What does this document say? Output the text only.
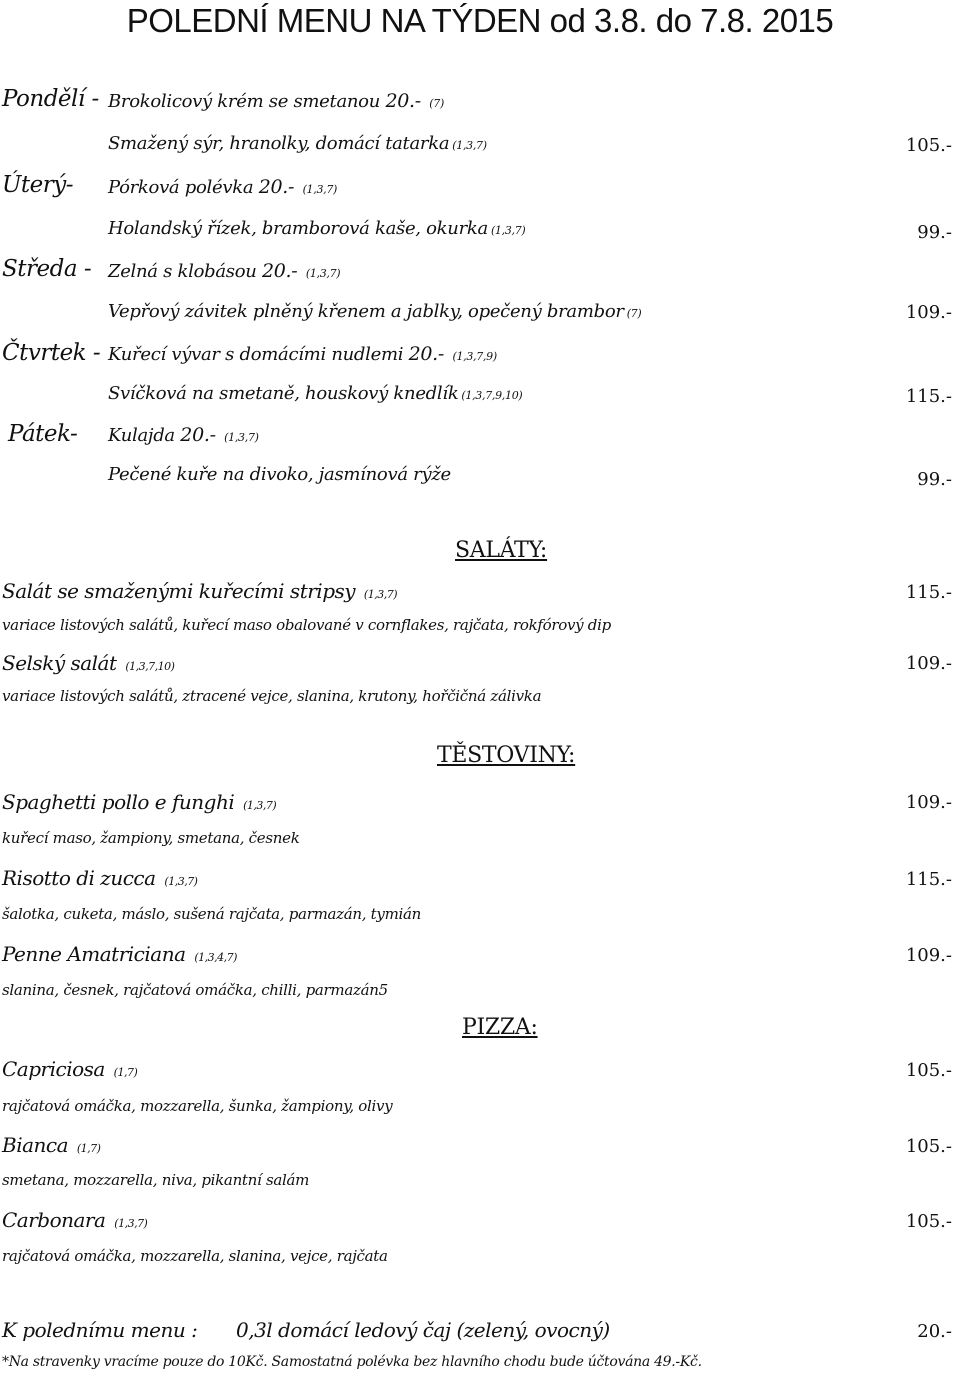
POLEDNÍ MENU NA TÝDEN od 3.8. do 7.8. 2015
Pondělí - Brokolicový krém se smetanou 20.- (7)
Smažený sýr, hranolky, domácí tatarka (1,3,7)	105.-
Úterý- Pórková polévka 20.- (1,3,7)
Holandský řízek, bramborová kaše, okurka (1,3,7)	99.-
Středa - Zelná s klobásou 20.- (1,3,7)
Vepřový závitek plněný křenem a jablky, opečený brambor (7)	109.-
Čtvrtek - Kuřecí vývar s domácími nudlemi 20.- (1,3,7,9)
Svíčková na smetaně, houskový knedlík (1,3,7,9,10)	115.-
Pátek- Kulajda 20.- (1,3,7)
Pečené kuře na divoko, jasmínová rýže	99.-
SALÁTY:
Salát se smaženými kuřecími stripsy (1,3,7)	115.-
variace listových salátů, kuřecí maso obalované v cornflakes, rajčata, rokfórový dip
Selský salát (1,3,7,10)	109.-
variace listových salátů, ztracené vejce, slanina, krutony, hořčičná zálivka
TĚSTOVINY:
Spaghetti pollo e funghi (1,3,7)	109.-
kuřecí maso, žampiony, smetana, česnek
Risotto di zucca (1,3,7)	115.-
šalotka, cuketa, máslo, sušená rajčata, parmazán, tymián
Penne Amatriciana (1,3,4,7)	109.-
slanina, česnek, rajčatová omáčka, chilli, parmazán5
PIZZA:
Capriciosa (1,7)	105.-
rajčatová omáčka, mozzarella, šunka, žampiony, olivy
Bianca (1,7)	105.-
smetana, mozzarella, niva, pikantní salám
Carbonara (1,3,7)	105.-
rajčatová omáčka, mozzarella, slanina, vejce, rajčata
K polednímu menu : 0,3l domácí ledový čaj (zelený, ovocný)	20.-
*Na stravenky vracíme pouze do 10Kč. Samostatná polévka bez hlavního chodu bude účtována 49.-Kč.
